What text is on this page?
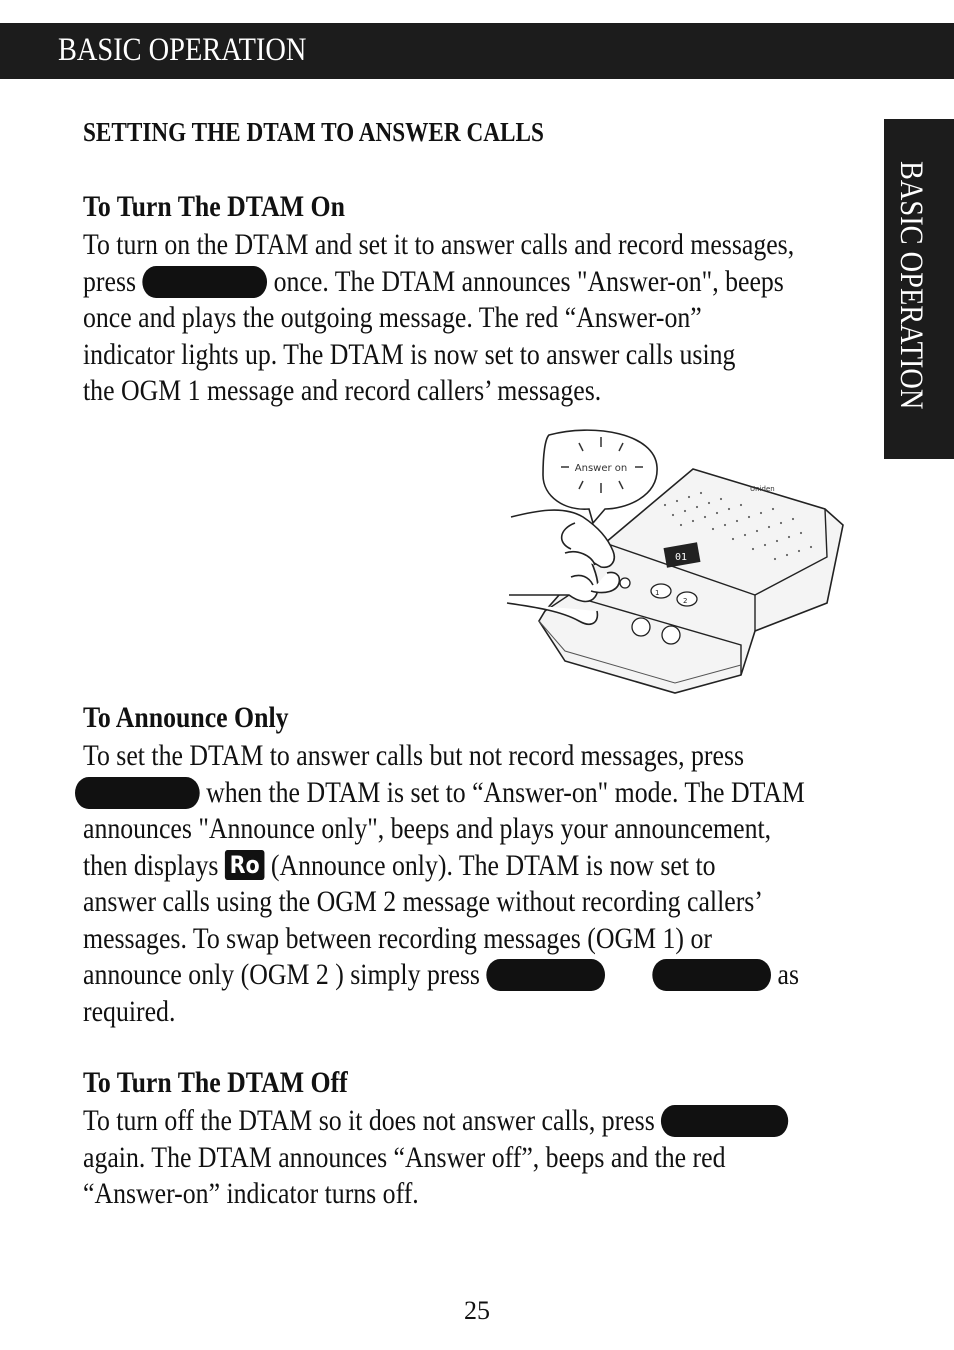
BASIC OPERATION
BASIC OPERATION
SETTING THE DTAM TO ANSWER CALLS
To Turn The DTAM On
To turn on the DTAM and set it to answer calls and record messages,
press	once. The DTAM announces "Answer-on", beeps
once and plays the outgoing message. The red “Answer-on”
indicator lights up. The DTAM is now set to answer calls using
the OGM 1 message and record callers’ messages.
Answer on
Uniden
01
1
2
To Announce Only
To set the DTAM to answer calls but not record messages, press
when the DTAM is set to “Answer-on" mode. The DTAM
announces "Announce only", beeps and plays your announcement,
then displays Ro (Announce only). The DTAM is now set to
answer calls using the OGM 2 message without recording callers’
messages. To swap between recording messages (OGM 1) or
announce only (OGM 2 ) simply press	as
required.
To Turn The DTAM Off
To turn off the DTAM so it does not answer calls, press
again. The DTAM announces “Answer off”, beeps and the red
“Answer-on” indicator turns off.
25
